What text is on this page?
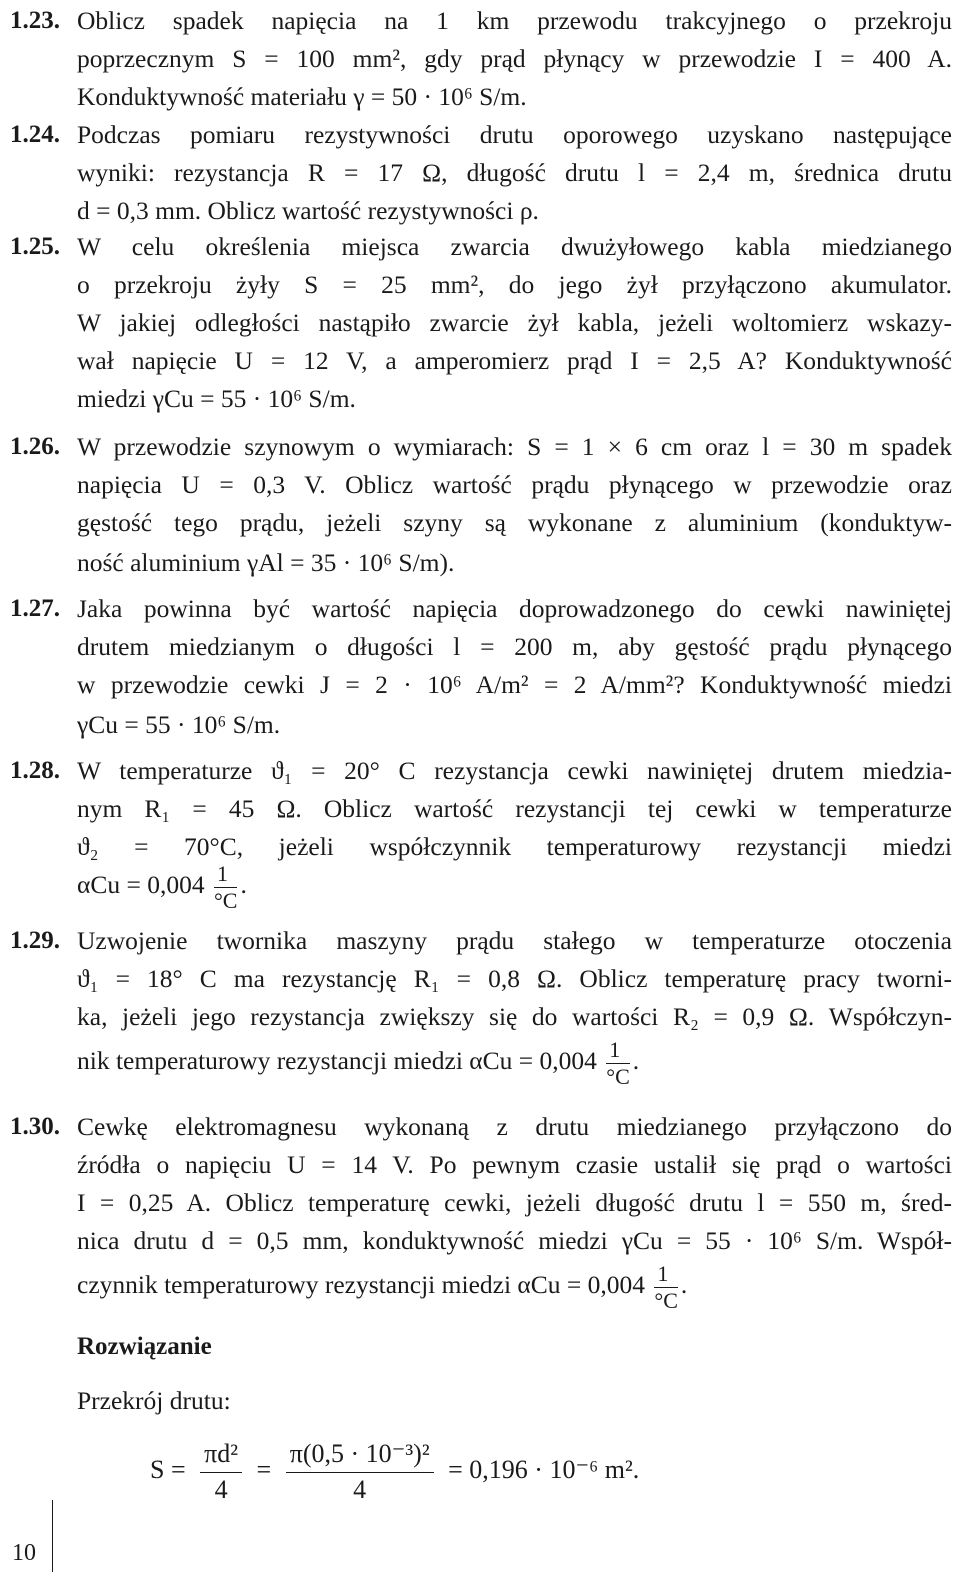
1.23. Oblicz spadek napięcia na 1 km przewodu trakcyjnego o przekroju
poprzecznym S = 100 mm², gdy prąd płynący w przewodzie I = 400 A.
Konduktywność materiału γ = 50 · 10⁶ S/m.
1.24. Podczas pomiaru rezystywności drutu oporowego uzyskano następujące
wyniki: rezystancja R = 17 Ω, długość drutu l = 2,4 m, średnica drutu
d = 0,3 mm. Oblicz wartość rezystywności ρ.
1.25. W celu określenia miejsca zwarcia dwużyłowego kabla miedzianego
o przekroju żyły S = 25 mm², do jego żył przyłączono akumulator.
W jakiej odległości nastąpiło zwarcie żył kabla, jeżeli woltomierz wskazy-
wał napięcie U = 12 V, a amperomierz prąd I = 2,5 A? Konduktywność
miedzi γCu = 55 · 10⁶ S/m.
1.26. W przewodzie szynowym o wymiarach: S = 1 × 6 cm oraz l = 30 m spadek
napięcia U = 0,3 V. Oblicz wartość prądu płynącego w przewodzie oraz
gęstość tego prądu, jeżeli szyny są wykonane z aluminium (konduktyw-
ność aluminium γAl = 35 · 10⁶ S/m).
1.27. Jaka powinna być wartość napięcia doprowadzonego do cewki nawiniętej
drutem miedzianym o długości l = 200 m, aby gęstość prądu płynącego
w przewodzie cewki J = 2 · 10⁶ A/m² = 2 A/mm²? Konduktywność miedzi
γCu = 55 · 10⁶ S/m.
1.28. W temperaturze ϑ₁ = 20° C rezystancja cewki nawiniętej drutem miedzia-
nym R₁ = 45 Ω. Oblicz wartość rezystancji tej cewki w temperaturze
ϑ₂ = 70°C, jeżeli współczynnik temperaturowy rezystancji miedzi
$\alpha Cu = 0,004 \frac{1}{^\circ C}$ .
1.29. Uzwojenie twornika maszyny prądu stałego w temperaturze otoczenia
ϑ₁ = 18° C ma rezystancję R₁ = 0,8 Ω. Oblicz temperaturę pracy tworni-
ka, jeżeli jego rezystancja zwiększy się do wartości R₂ = 0,9 Ω. Współczyn-
nik temperaturowy rezystancji miedzi $\alpha Cu = 0,004 \frac{1}{^\circ C}$ .
1.30. Cewkę elektromagnesu wykonaną z drutu miedzianego przyłączono do
źródła o napięciu U = 14 V. Po pewnym czasie ustalił się prąd o wartości
I = 0,25 A. Oblicz temperaturę cewki, jeżeli długość drutu l = 550 m, śred-
nica drutu d = 0,5 mm, konduktywność miedzi γCu = 55 · 10⁶ S/m. Współ-
czynnik temperaturowy rezystancji miedzi $\alpha Cu = 0,004 \frac{1}{^\circ C}$ .
Rozwiązanie
Przekrój drutu:
$S = \frac{\text{πd²}}{4} = \frac{\text{π(0,5 · 10⁻³)²}}{4} = 0,196 \cdot 10^{-6}$ m².
10
